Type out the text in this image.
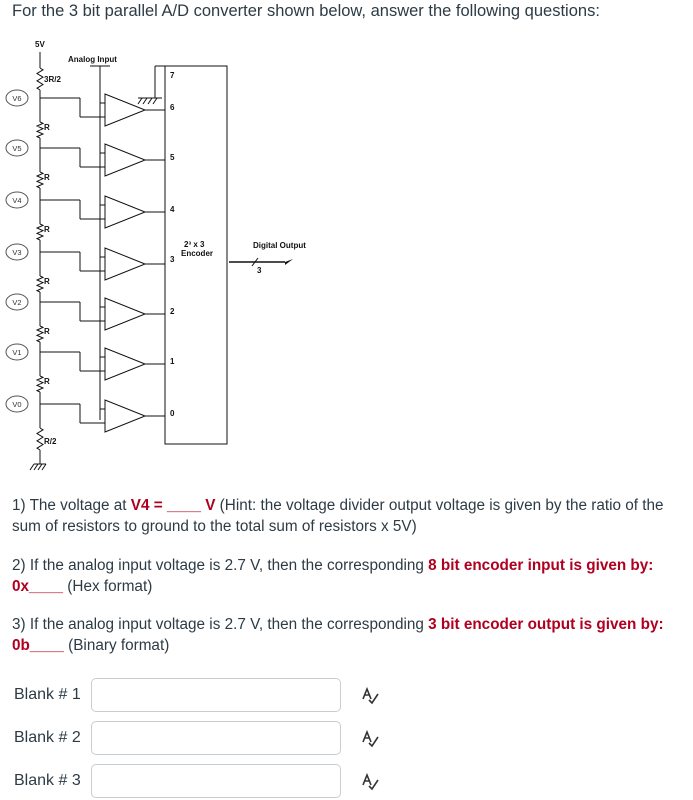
For the 3 bit parallel A/D converter shown below, answer the following questions:

5V
Analog Input
3R/2
R
R
R
R
R
R
R/2
V6
V5
V4
V3
V2
V1
V0
7
6
5
4
3
2
1
0
2³ x 3
Encoder
Digital Output
3
1) The voltage at V4 = ____ V (Hint: the voltage divider output voltage is given by the ratio of the sum of resistors to ground to the total sum of resistors x 5V)
2) If the analog input voltage is 2.7 V, then the corresponding 8 bit encoder input is given by: 0x____ (Hex format)
3) If the analog input voltage is 2.7 V, then the corresponding 3 bit encoder output is given by: 0b____ (Binary format)
Blank # 1
Blank # 2
Blank # 3
